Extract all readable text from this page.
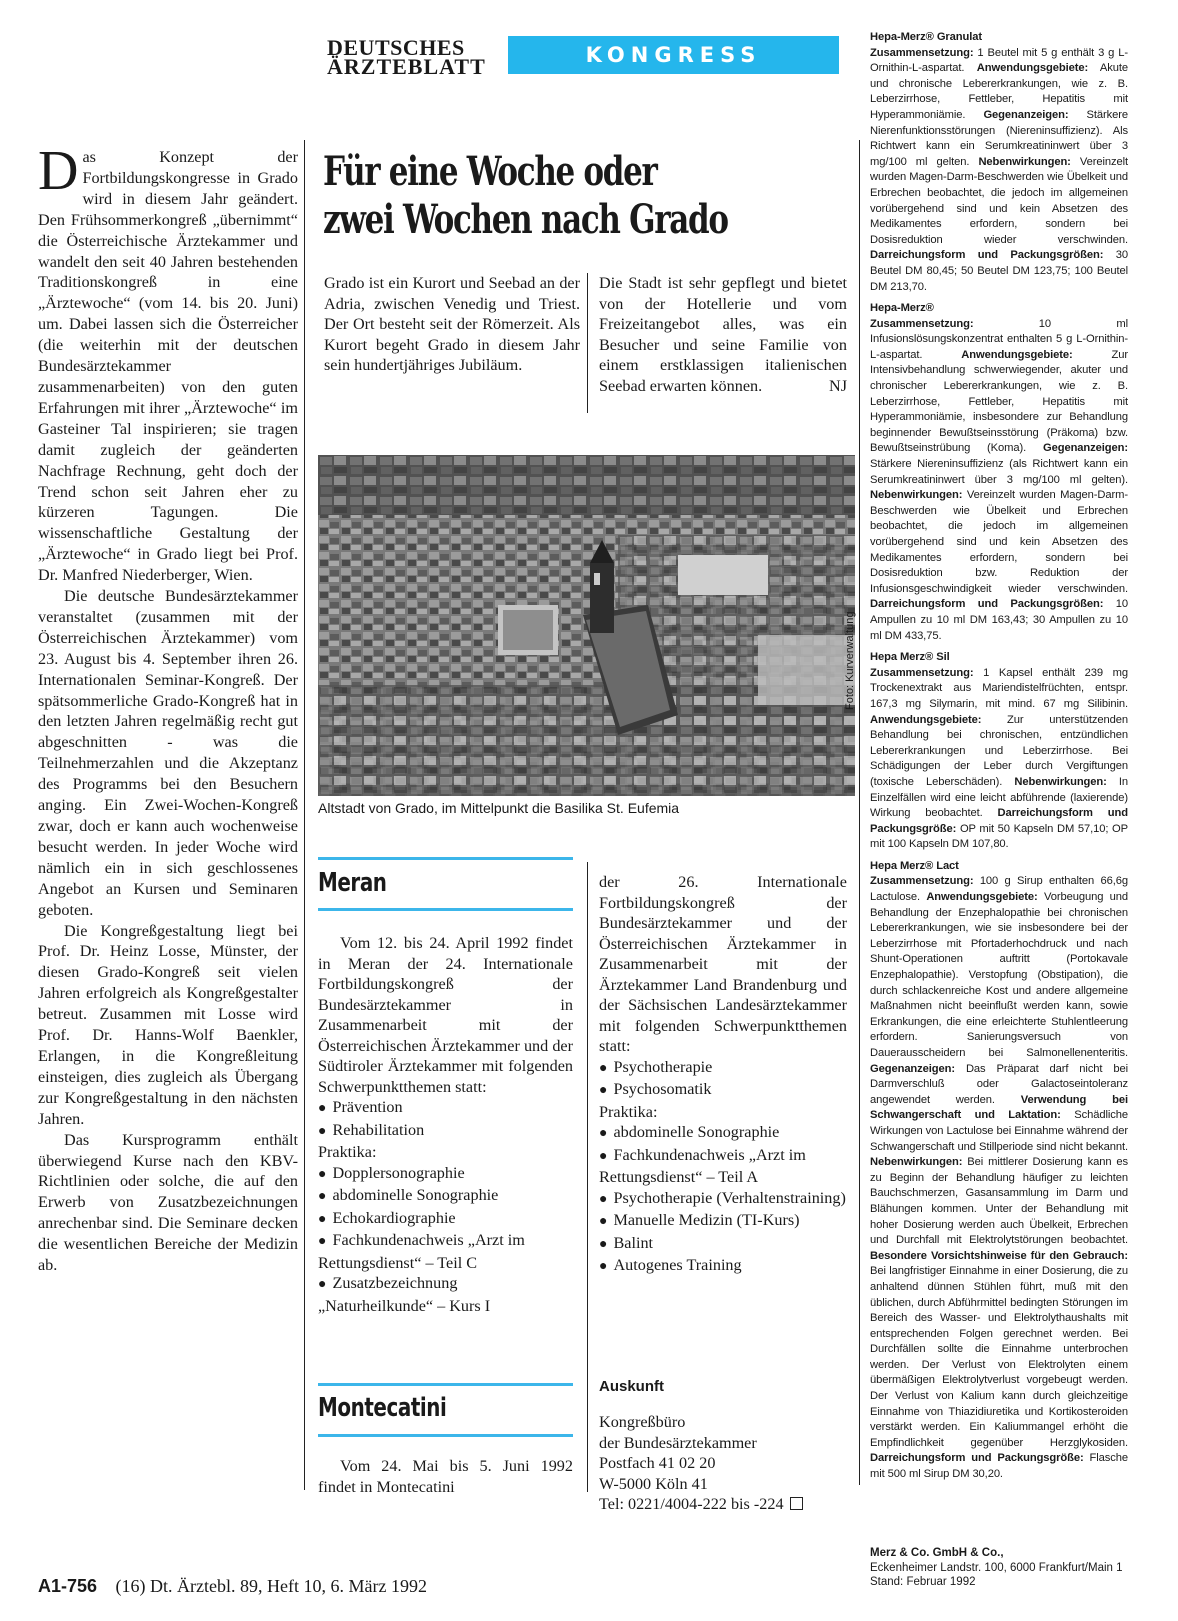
DEUTSCHES
ÄRZTEBLATT	KONGRESS AKTUELL

Das Konzept der Fortbildungskongresse in Grado wird in diesem Jahr geändert. Den Frühsommerkongreß „übernimmt“ die Österreichische Ärztekammer und wandelt den seit 40 Jahren bestehenden Traditionskongreß in eine „Ärztewoche“ (vom 14. bis 20. Juni) um. Dabei lassen sich die Österreicher (die weiterhin mit der deutschen Bundesärztekammer zusammenarbeiten) von den guten Erfahrungen mit ihrer „Ärztewoche“ im Gasteiner Tal inspirieren; sie tragen damit zugleich der geänderten Nachfrage Rechnung, geht doch der Trend schon seit Jahren eher zu kürzeren Tagungen. Die wissenschaftliche Gestaltung der „Ärztewoche“ in Grado liegt bei Prof. Dr. Manfred Niederberger, Wien.

Die deutsche Bundesärztekammer veranstaltet (zusammen mit der Österreichischen Ärztekammer) vom 23. August bis 4. September ihren 26. Internationalen Seminar-Kongreß. Der spätsommerliche Grado-Kongreß hat in den letzten Jahren regelmäßig recht gut abgeschnitten - was die Teilnehmerzahlen und die Akzeptanz des Programms bei den Besuchern anging. Ein Zwei-Wochen-Kongreß zwar, doch er kann auch wochenweise besucht werden. In jeder Woche wird nämlich ein in sich geschlossenes Angebot an Kursen und Seminaren geboten.

Die Kongreßgestaltung liegt bei Prof. Dr. Heinz Losse, Münster, der diesen Grado-Kongreß seit vielen Jahren erfolgreich als Kongreßgestalter betreut. Zusammen mit Losse wird Prof. Dr. Hanns-Wolf Baenkler, Erlangen, in die Kongreßleitung einsteigen, dies zugleich als Übergang zur Kongreßgestaltung in den nächsten Jahren.

Das Kursprogramm enthält überwiegend Kurse nach den KBV-Richtlinien oder solche, die auf den Erwerb von Zusatzbezeichnungen anrechenbar sind. Die Seminare decken die wesentlichen Bereiche der Medizin ab.

Für eine Woche oder
zwei Wochen nach Grado
Grado ist ein Kurort und Seebad an der Adria, zwischen Venedig und Triest. Der Ort besteht seit der Römerzeit. Als Kurort begeht Grado in diesem Jahr sein hundertjähriges Jubiläum.
Die Stadt ist sehr gepflegt und bietet von der Hotellerie und vom Freizeitangebot alles, was ein Besucher und seine Familie von einem erstklassigen italienischen Seebad erwarten können.	NJ
Foto: Kurverwaltung
Altstadt von Grado, im Mittelpunkt die Basilika St. Eufemia
Meran

Vom 12. bis 24. April 1992 findet in Meran der 24. Internationale Fortbildungskongreß der Bundesärztekammer in Zusammenarbeit mit der Österreichischen Ärztekammer und der Südtiroler Ärztekammer mit folgenden Schwerpunktthemen statt:

● Prävention
● Rehabilitation
Praktika:
● Dopplersonographie
● abdominelle Sonographie
● Echokardiographie
● Fachkundenachweis „Arzt im Rettungsdienst“ – Teil C
● Zusatzbezeichnung „Naturheilkunde“ – Kurs I
Montecatini
Vom 24. Mai bis 5. Juni 1992 findet in Montecatini

der 26. Internationale Fortbildungskongreß der Bundesärztekammer und der Österreichischen Ärztekammer in Zusammenarbeit mit der Ärztekammer Land Brandenburg und der Sächsischen Landesärztekammer mit folgenden Schwerpunktthemen statt:

● Psychotherapie
● Psychosomatik
Praktika:
● abdominelle Sonographie
● Fachkundenachweis „Arzt im Rettungsdienst“ – Teil A
● Psychotherapie (Verhaltenstraining)
● Manuelle Medizin (TI-Kurs)
● Balint
● Autogenes Training
Auskunft
Kongreßbüro
der Bundesärztekammer
Postfach 41 02 20
W-5000 Köln 41
Tel: 0221/4004-222 bis -224
Hepa-Merz® Granulat
Zusammensetzung: 1 Beutel mit 5 g enthält 3 g L-Ornithin-L-aspartat. Anwendungsgebiete: Akute und chronische Lebererkrankungen, wie z. B. Leberzirrhose, Fettleber, Hepatitis mit Hyperammoniämie. Gegenanzeigen: Stärkere Nierenfunktionsstörungen (Niereninsuffizienz). Als Richtwert kann ein Serumkreatininwert über 3 mg/100 ml gelten. Nebenwirkungen: Vereinzelt wurden Magen-Darm-Beschwerden wie Übelkeit und Erbrechen beobachtet, die jedoch im allgemeinen vorübergehend sind und kein Absetzen des Medikamentes erfordern, sondern bei Dosisreduktion wieder verschwinden. Darreichungsform und Packungsgrößen: 30 Beutel DM 80,45; 50 Beutel DM 123,75; 100 Beutel DM 213,70.
Hepa-Merz®
Zusammensetzung: 10 ml Infusionslösungskonzentrat enthalten 5 g L-Ornithin-L-aspartat. Anwendungsgebiete: Zur Intensivbehandlung schwerwiegender, akuter und chronischer Lebererkrankungen, wie z. B. Leberzirrhose, Fettleber, Hepatitis mit Hyperammoniämie, insbesondere zur Behandlung beginnender Bewußtseinsstörung (Präkoma) bzw. Bewußtseinstrübung (Koma). Gegenanzeigen: Stärkere Niereninsuffizienz (als Richtwert kann ein Serumkreatininwert über 3 mg/100 ml gelten). Nebenwirkungen: Vereinzelt wurden Magen-Darm-Beschwerden wie Übelkeit und Erbrechen beobachtet, die jedoch im allgemeinen vorübergehend sind und kein Absetzen des Medikamentes erfordern, sondern bei Dosisreduktion bzw. Reduktion der Infusionsgeschwindigkeit wieder verschwinden. Darreichungsform und Packungsgrößen: 10 Ampullen zu 10 ml DM 163,43; 30 Ampullen zu 10 ml DM 433,75.
Hepa Merz® Sil
Zusammensetzung: 1 Kapsel enthält 239 mg Trockenextrakt aus Mariendistelfrüchten, entspr. 167,3 mg Silymarin, mit mind. 67 mg Silibinin. Anwendungsgebiete: Zur unterstützenden Behandlung bei chronischen, entzündlichen Lebererkrankungen und Leberzirrhose. Bei Schädigungen der Leber durch Vergiftungen (toxische Leberschäden). Nebenwirkungen: In Einzelfällen wird eine leicht abführende (laxierende) Wirkung beobachtet. Darreichungsform und Packungsgröße: OP mit 50 Kapseln DM 57,10; OP mit 100 Kapseln DM 107,80.
Hepa Merz® Lact
Zusammensetzung: 100 g Sirup enthalten 66,6g Lactulose. Anwendungsgebiete: Vorbeugung und Behandlung der Enzephalopathie bei chronischen Lebererkrankungen, wie sie insbesondere bei der Leberzirrhose mit Pfortaderhochdruck und nach Shunt-Operationen auftritt (Portokavale Enzephalopathie). Verstopfung (Obstipation), die durch schlackenreiche Kost und andere allgemeine Maßnahmen nicht beeinflußt werden kann, sowie Erkrankungen, die eine erleichterte Stuhlentleerung erfordern. Sanierungsversuch von Dauerausscheidern bei Salmonellenenteritis. Gegenanzeigen: Das Präparat darf nicht bei Darmverschluß oder Galactoseintoleranz angewendet werden. Verwendung bei Schwangerschaft und Laktation: Schädliche Wirkungen von Lactulose bei Einnahme während der Schwangerschaft und Stillperiode sind nicht bekannt. Nebenwirkungen: Bei mittlerer Dosierung kann es zu Beginn der Behandlung häufiger zu leichten Bauchschmerzen, Gasansammlung im Darm und Blähungen kommen. Unter der Behandlung mit hoher Dosierung werden auch Übelkeit, Erbrechen und Durchfall mit Elektrolytstörungen beobachtet. Besondere Vorsichtshinweise für den Gebrauch: Bei langfristiger Einnahme in einer Dosierung, die zu anhaltend dünnen Stühlen führt, muß mit den üblichen, durch Abführmittel bedingten Störungen im Bereich des Wasser- und Elektrolythaushalts mit entsprechenden Folgen gerechnet werden. Bei Durchfällen sollte die Einnahme unterbrochen werden. Der Verlust von Elektrolyten einem übermäßigen Elektrolytverlust vorgebeugt werden. Der Verlust von Kalium kann durch gleichzeitige Einnahme von Thiazidiuretika und Kortikosteroiden verstärkt werden. Ein Kaliummangel erhöht die Empfindlichkeit gegenüber Herzglykosiden. Darreichungsform und Packungsgröße: Flasche mit 500 ml Sirup DM 30,20.
Merz & Co. GmbH & Co.,
Eckenheimer Landstr. 100, 6000 Frankfurt/Main 1
Stand: Februar 1992
A1-756 (16) Dt. Ärztebl. 89, Heft 10, 6. März 1992
